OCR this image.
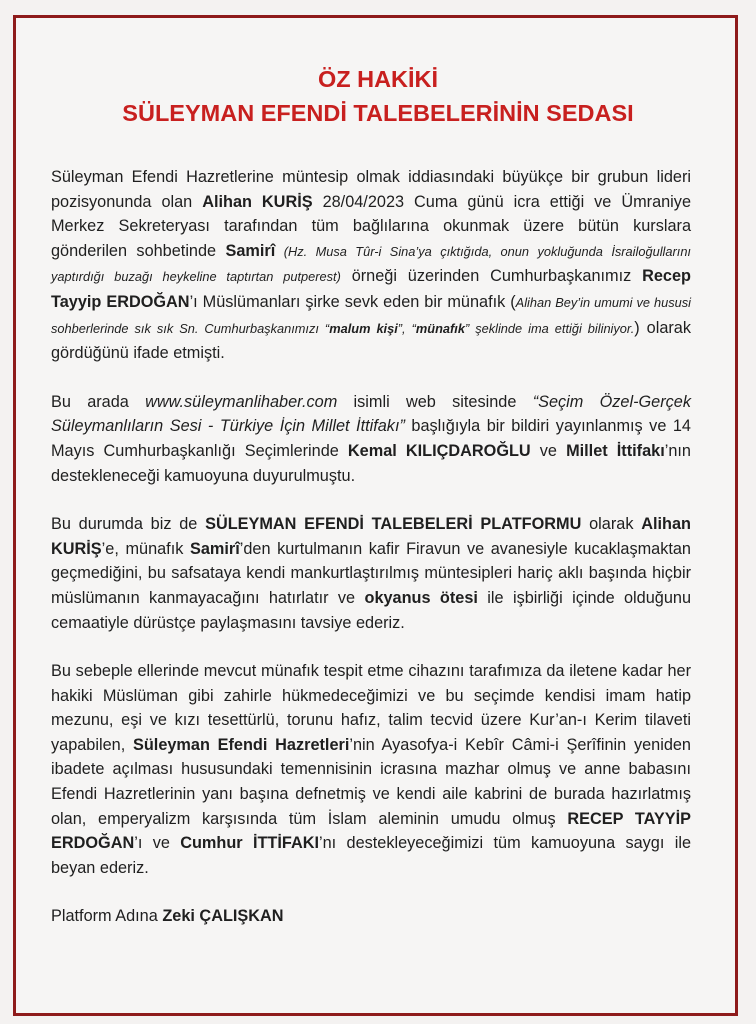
ÖZ HAKİKİ
SÜLEYMAN EFENDİ TALEBELERİNİN SEDASI

Süleyman Efendi Hazretlerine müntesip olmak iddiasındaki büyükçe bir grubun lideri pozisyonunda olan Alihan KURİŞ 28/04/2023 Cuma günü icra ettiği ve Ümraniye Merkez Sekreteryası tarafından tüm bağlılarına okunmak üzere bütün kurslara gönderilen sohbetinde Samirî (Hz. Musa Tûr-i Sina’ya çıktığıda, onun yokluğunda İsrailoğullarını yaptırdığı buzağı heykeline taptırtan putperest) örneği üzerinden Cumhurbaşkanımız Recep Tayyip ERDOĞAN’ı Müslümanları şirke sevk eden bir münafık (Alihan Bey’in umumi ve hususi sohberlerinde sık sık Sn. Cumhurbaşkanımızı “malum kişi”, “münafık” şeklinde ima ettiği biliniyor.) olarak gördüğünü ifade etmişti.

Bu arada www.süleymanlihaber.com isimli web sitesinde “Seçim Özel-Gerçek Süleymanlıların Sesi - Türkiye İçin Millet İttifakı” başlığıyla bir bildiri yayınlanmış ve 14 Mayıs Cumhurbaşkanlığı Seçimlerinde Kemal KILIÇDAROĞLU ve Millet İttifakı’nın destekleneceği kamuoyuna duyurulmuştu.

Bu durumda biz de SÜLEYMAN EFENDİ TALEBELERİ PLATFORMU olarak Alihan KURİŞ’e, münafık Samirî’den kurtulmanın kafir Firavun ve avanesiyle kucaklaşmaktan geçmediğini, bu safsataya kendi mankurtlaştırılmış müntesipleri hariç aklı başında hiçbir müslümanın kanmayacağını hatırlatır ve okyanus ötesi ile işbirliği içinde olduğunu cemaatiyle dürüstçe paylaşmasını tavsiye ederiz.

Bu sebeple ellerinde mevcut münafık tespit etme cihazını tarafımıza da iletene kadar her hakiki Müslüman gibi zahirle hükmedeceğimizi ve bu seçimde kendisi imam hatip mezunu, eşi ve kızı tesettürlü, torunu hafız, talim tecvid üzere Kur’an-ı Kerim tilaveti yapabilen, Süleyman Efendi Hazretleri’nin Ayasofya-i Kebîr Câmi-i Şerîfinin yeniden ibadete açılması hususundaki temennisinin icrasına mazhar olmuş ve anne babasını Efendi Hazretlerinin yanı başına defnetmiş ve kendi aile kabrini de burada hazırlatmış olan, emperyalizm karşısında tüm İslam aleminin umudu olmuş RECEP TAYYİP ERDOĞAN’ı ve Cumhur İTTİFAKI’nı destekleyeceğimizi tüm kamuoyuna saygı ile beyan ederiz.

Platform Adına Zeki ÇALIŞKAN
